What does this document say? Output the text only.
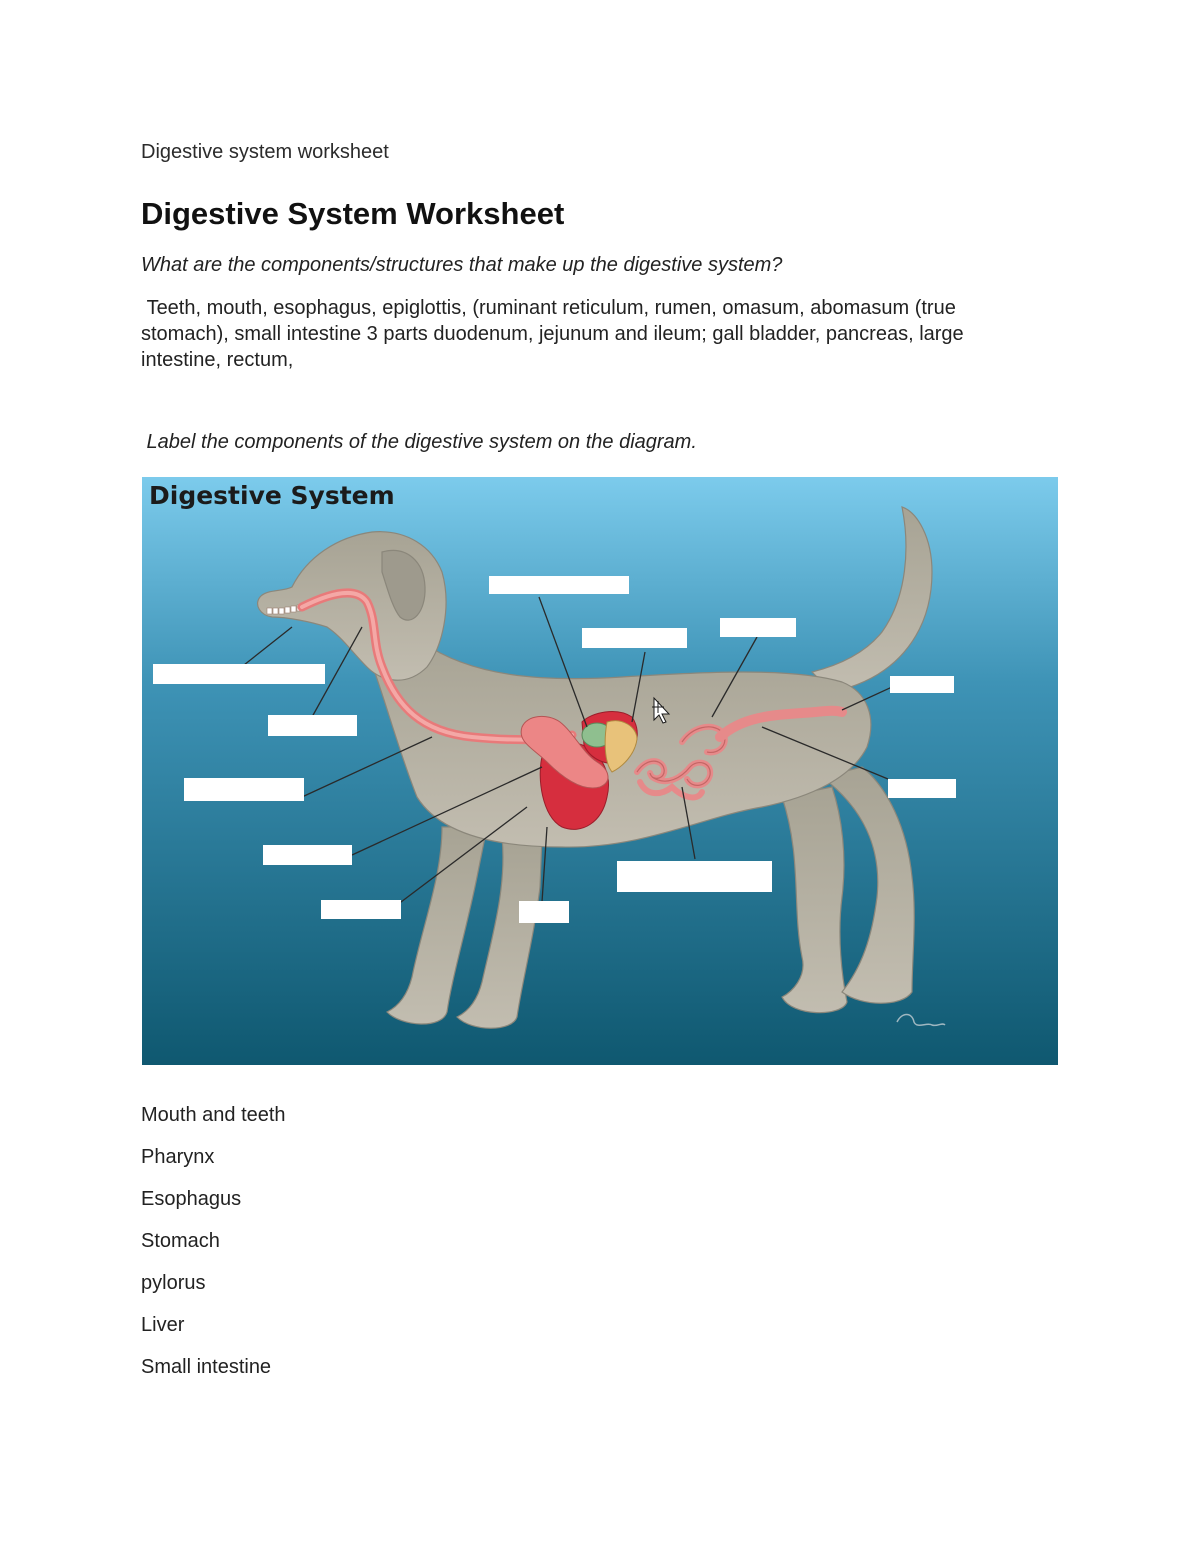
Digestive system worksheet
Digestive System Worksheet
What are the components/structures that make up the digestive system?
Teeth, mouth, esophagus, epiglottis, (ruminant reticulum, rumen, omasum, abomasum (true stomach), small intestine 3 parts duodenum, jejunum and ileum; gall bladder, pancreas, large intestine, rectum,
Label the components of the digestive system on the diagram.
Digestive System
Mouth and teeth
Pharynx
Esophagus
Stomach
pylorus
Liver
Small intestine
